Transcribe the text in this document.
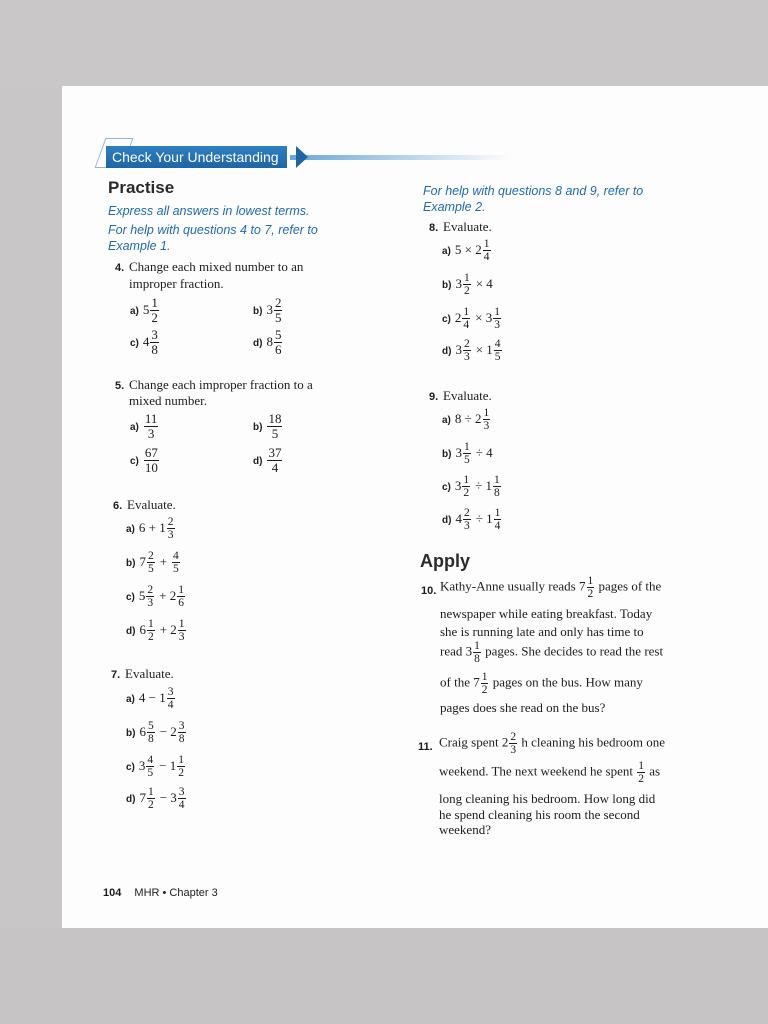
Check Your Understanding
Practise
Express all answers in lowest terms.
For help with questions 4 to 7, refer to
Example 1.
4. Change each mixed number to an
improper fraction.
a) $5 \frac{1}{2}$	b) $3 \frac{2}{5}$
c) $4 \frac{3}{8}$	d) $8 \frac{5}{6}$
5. Change each improper fraction to a
mixed number.
$a) \frac{11}{3}$	$b) \frac{18}{5}$
$c) \frac{67}{10}$	$d) \frac{37}{4}$
6. Evaluate.
a) $6 + 1 \frac{2}{3}$
b) $7 \frac{2}{5} + \frac{4}{5}$
c) $5 \frac{2}{3} + 2 \frac{1}{6}$
d) $6 \frac{1}{2} + 2 \frac{1}{3}$
7. Evaluate.
a) $4 - 1 \frac{3}{4}$
b) $6 \frac{5}{8} - 2 \frac{3}{8}$
c) $3 \frac{4}{5} - 1 \frac{1}{2}$
d) $7 \frac{1}{2} - 3 \frac{3}{4}$
For help with questions 8 and 9, refer to
Example 2.
8. Evaluate.
a) $5 \times 2 \frac{1}{4}$
b) $3 \frac{1}{2} \times 4$
c) $2 \frac{1}{4} \times 3 \frac{1}{3}$
d) $3 \frac{2}{3} \times 1 \frac{4}{5}$
9. Evaluate.
a) $8 \div 2 \frac{1}{3}$
b) $3 \frac{1}{5} \div 4$
c) $3 \frac{1}{2} \div 1 \frac{1}{8}$
d) $4 \frac{2}{3} \div 1 \frac{1}{4}$
Apply
10. Kathy-Anne usually reads $7 \frac{1}{2}$ pages of the
newspaper while eating breakfast. Today
she is running late and only has time to
read $3 \frac{1}{8}$ pages. She decides to read the rest
of the $7 \frac{1}{2}$ pages on the bus. How many
pages does she read on the bus?
11. Craig spent $2 \frac{2}{3}$ h cleaning his bedroom one
weekend. The next weekend he spent $\frac{1}{2}$ as
long cleaning his bedroom. How long did
he spend cleaning his room the second
weekend?
104 MHR • Chapter 3
